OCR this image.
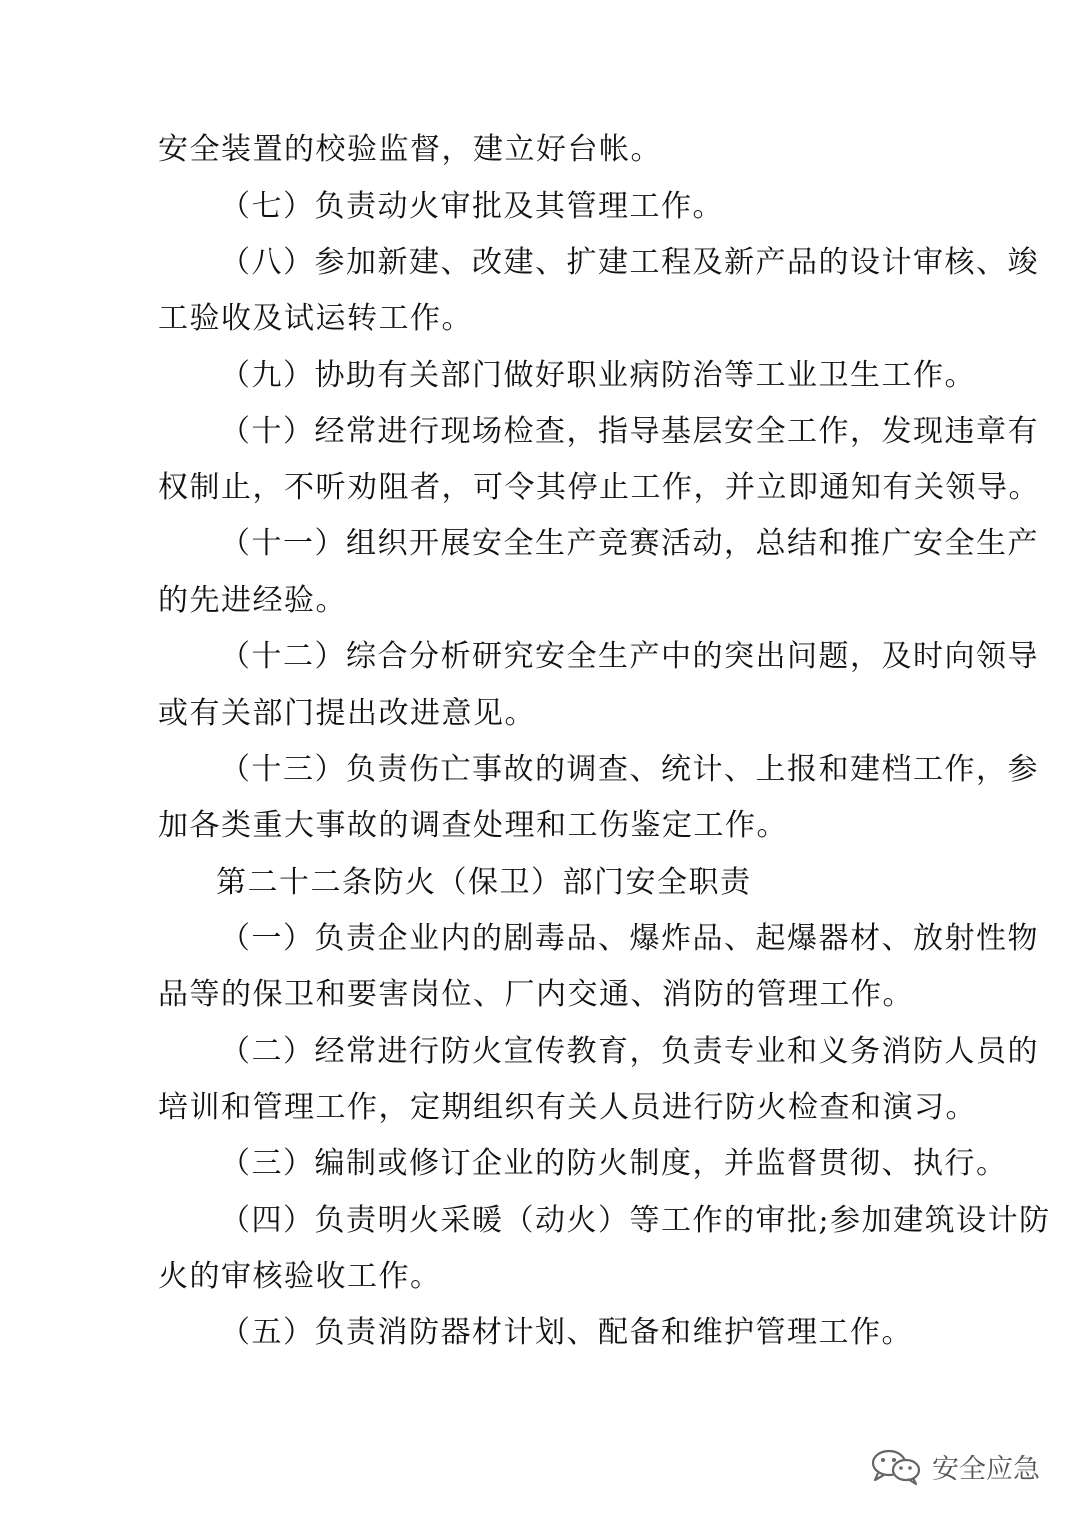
安全装置的校验监督，建立好台帐。
（七）负责动火审批及其管理工作。
（八）参加新建、改建、扩建工程及新产品的设计审核、竣
工验收及试运转工作。
（九）协助有关部门做好职业病防治等工业卫生工作。
（十）经常进行现场检查，指导基层安全工作，发现违章有
权制止，不听劝阻者，可令其停止工作，并立即通知有关领导。
（十一）组织开展安全生产竞赛活动，总结和推广安全生产
的先进经验。
（十二）综合分析研究安全生产中的突出问题，及时向领导
或有关部门提出改进意见。
（十三）负责伤亡事故的调查、统计、上报和建档工作，参
加各类重大事故的调查处理和工伤鉴定工作。
第二十二条防火（保卫）部门安全职责
（一）负责企业内的剧毒品、爆炸品、起爆器材、放射性物
品等的保卫和要害岗位、厂内交通、消防的管理工作。
（二）经常进行防火宣传教育，负责专业和义务消防人员的
培训和管理工作，定期组织有关人员进行防火检查和演习。
（三）编制或修订企业的防火制度，并监督贯彻、执行。
（四）负责明火采暖（动火）等工作的审批;参加建筑设计防
火的审核验收工作。
（五）负责消防器材计划、配备和维护管理工作。
安全应急
